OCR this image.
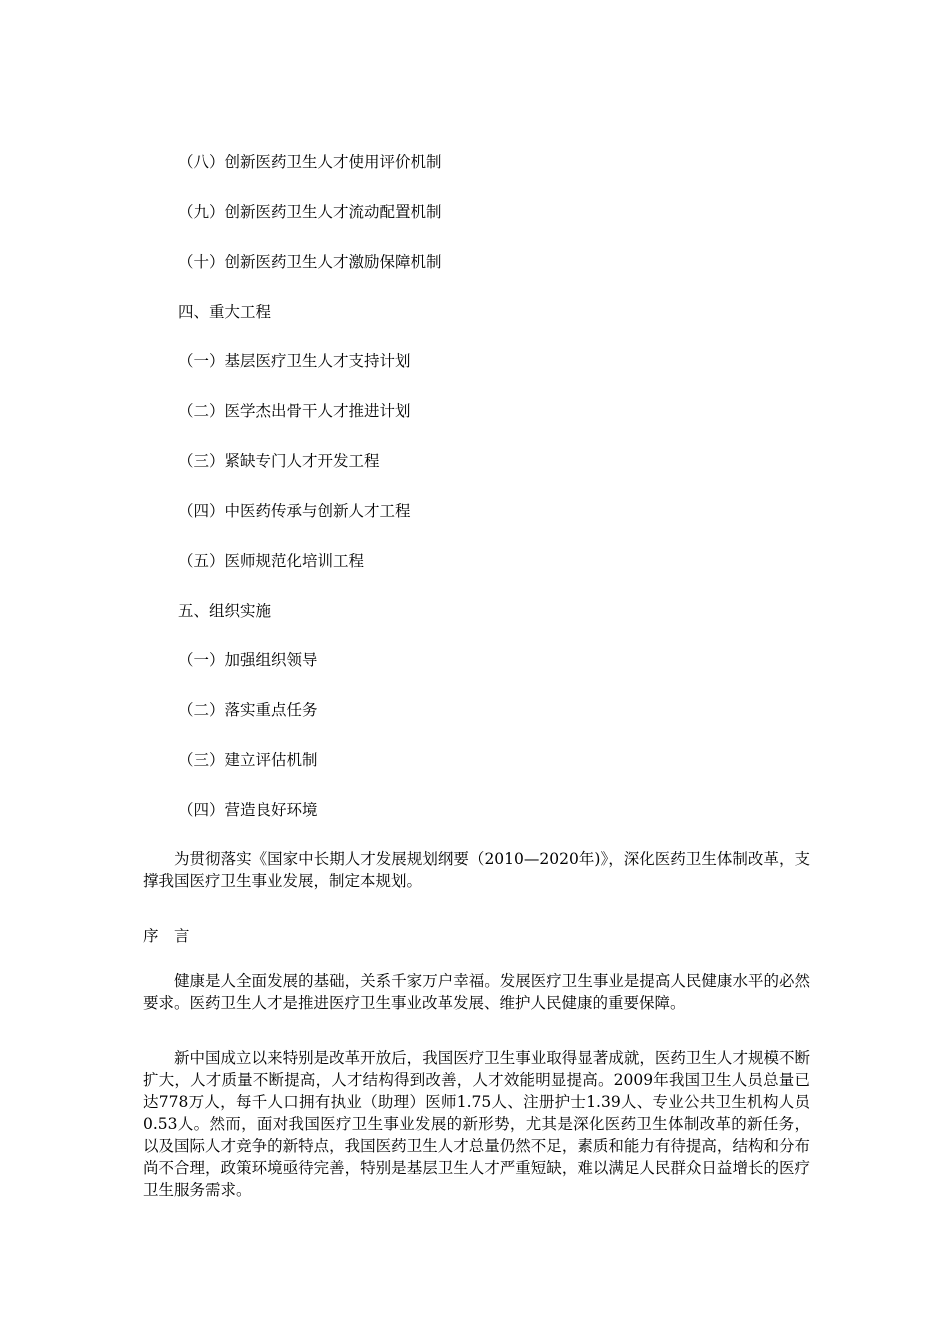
（八）创新医药卫生人才使用评价机制
（九）创新医药卫生人才流动配置机制
（十）创新医药卫生人才激励保障机制
四、重大工程
（一）基层医疗卫生人才支持计划
（二）医学杰出骨干人才推进计划
（三）紧缺专门人才开发工程
（四）中医药传承与创新人才工程
（五）医师规范化培训工程
五、组织实施
（一）加强组织领导
（二）落实重点任务
（三）建立评估机制
（四）营造良好环境
为贯彻落实《国家中长期人才发展规划纲要（2010—2020年)》，深化医药卫生体制改革，支撑我国医疗卫生事业发展，制定本规划。
序　言
健康是人全面发展的基础，关系千家万户幸福。发展医疗卫生事业是提高人民健康水平的必然要求。医药卫生人才是推进医疗卫生事业改革发展、维护人民健康的重要保障。
新中国成立以来特别是改革开放后，我国医疗卫生事业取得显著成就，医药卫生人才规模不断扩大，人才质量不断提高，人才结构得到改善，人才效能明显提高。2009年我国卫生人员总量已达778万人，每千人口拥有执业（助理）医师1.75人、注册护士1.39人、专业公共卫生机构人员0.53人。然而，面对我国医疗卫生事业发展的新形势，尤其是深化医药卫生体制改革的新任务，以及国际人才竞争的新特点，我国医药卫生人才总量仍然不足，素质和能力有待提高，结构和分布尚不合理，政策环境亟待完善，特别是基层卫生人才严重短缺，难以满足人民群众日益增长的医疗卫生服务需求。
